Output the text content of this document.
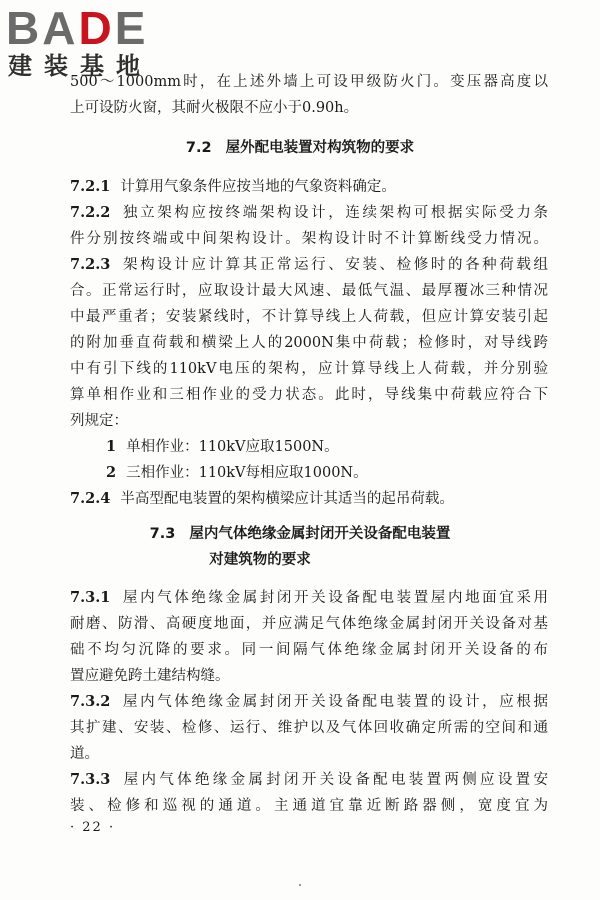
500～1000mm时，在上述外墙上可设甲级防火门。变压器高度以
上可设防火窗，其耐火极限不应小于0.90h。
7.2 屋外配电装置对构筑物的要求
7.2.1 计算用气象条件应按当地的气象资料确定。
7.2.2 独立架构应按终端架构设计，连续架构可根据实际受力条
件分别按终端或中间架构设计。架构设计时不计算断线受力情况。
7.2.3 架构设计应计算其正常运行、安装、检修时的各种荷载组
合。正常运行时，应取设计最大风速、最低气温、最厚覆冰三种情况
中最严重者；安装紧线时，不计算导线上人荷载，但应计算安装引起
的附加垂直荷载和横梁上人的2000N集中荷载；检修时，对导线跨
中有引下线的110kV电压的架构，应计算导线上人荷载，并分别验
算单相作业和三相作业的受力状态。此时，导线集中荷载应符合下
列规定：
1 单相作业：110kV应取1500N。
2 三相作业：110kV每相应取1000N。
7.2.4 半高型配电装置的架构横梁应计其适当的起吊荷载。
7.3 屋内气体绝缘金属封闭开关设备配电装置
对建筑物的要求
7.3.1 屋内气体绝缘金属封闭开关设备配电装置屋内地面宜采用
耐磨、防滑、高硬度地面，并应满足气体绝缘金属封闭开关设备对基
础不均匀沉降的要求。同一间隔气体绝缘金属封闭开关设备的布
置应避免跨土建结构缝。
7.3.2 屋内气体绝缘金属封闭开关设备配电装置的设计，应根据
其扩建、安装、检修、运行、维护以及气体回收确定所需的空间和通
道。
7.3.3 屋内气体绝缘金属封闭开关设备配电装置两侧应设置安
装、检修和巡视的通道。主通道宜靠近断路器侧，宽度宜为
· 22 ·
BADE
建装基地
